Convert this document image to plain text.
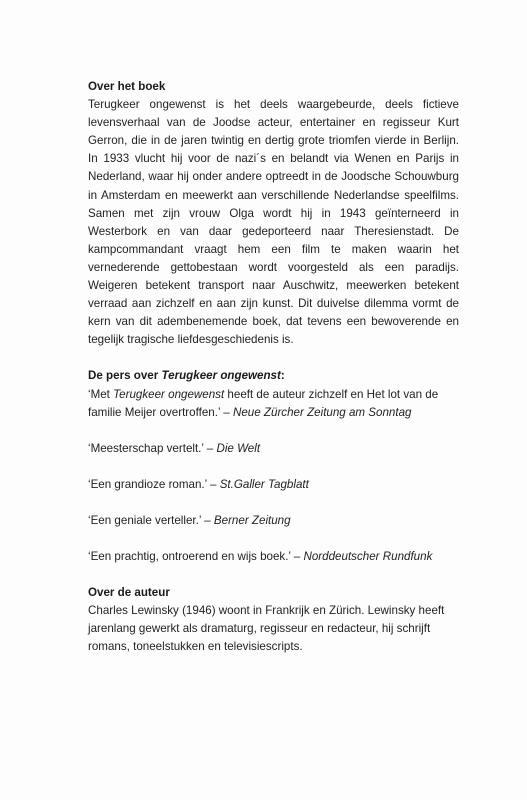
Over het boek

Terugkeer ongewenst is het deels waargebeurde, deels fictieve levensverhaal van de Joodse acteur, entertainer en regisseur Kurt Gerron, die in de jaren twintig en dertig grote triomfen vierde in Berlijn. In 1933 vlucht hij voor de nazi´s en belandt via Wenen en Parijs in Nederland, waar hij onder andere optreedt in de Joodsche Schouwburg in Amsterdam en meewerkt aan verschillende Nederlandse speelfilms. Samen met zijn vrouw Olga wordt hij in 1943 geïnterneerd in Westerbork en van daar gedeporteerd naar Theresienstadt. De kampcommandant vraagt hem een film te maken waarin het vernederende gettobestaan wordt voorgesteld als een paradijs. Weigeren betekent transport naar Auschwitz, meewerken betekent verraad aan zichzelf en aan zijn kunst. Dit duivelse dilemma vormt de kern van dit adembenemende boek, dat tevens een bewoverende en tegelijk tragische liefdesgeschiedenis is.

De pers over Terugkeer ongewenst:

‘Met Terugkeer ongewenst heeft de auteur zichzelf en Het lot van de familie Meijer overtroffen.’ – Neue Zürcher Zeitung am Sonntag

‘Meesterschap vertelt.’ – Die Welt

‘Een grandioze roman.’ – St.Galler Tagblatt

‘Een geniale verteller.’ – Berner Zeitung

‘Een prachtig, ontroerend en wijs boek.’ – Norddeutscher Rundfunk

Over de auteur

Charles Lewinsky (1946) woont in Frankrijk en Zürich. Lewinsky heeft jarenlang gewerkt als dramaturg, regisseur en redacteur, hij schrijft romans, toneelstukken en televisiescripts.
